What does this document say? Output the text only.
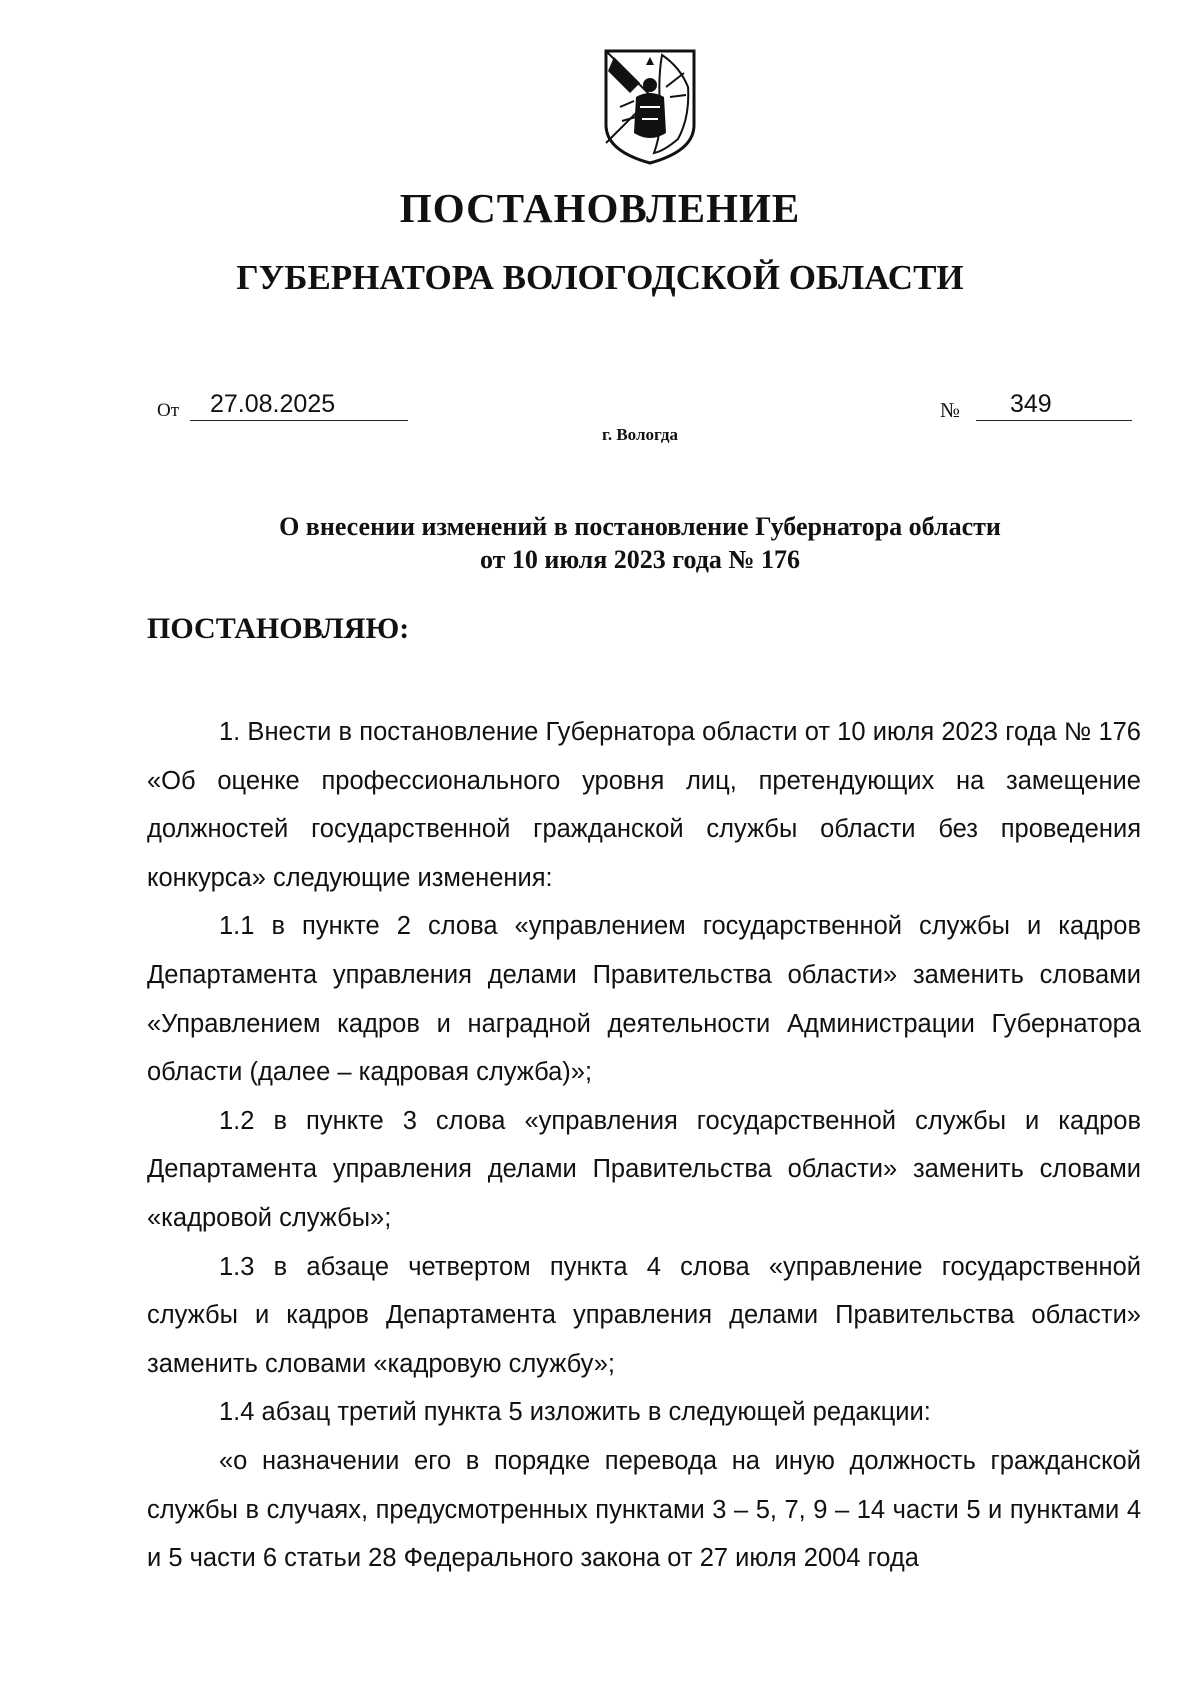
ПОСТАНОВЛЕНИЕ
ГУБЕРНАТОРА ВОЛОГОДСКОЙ ОБЛАСТИ
От	27.08.2025	№	349
г. Вологда
О внесении изменений в постановление Губернатора области
от 10 июля 2023 года № 176
ПОСТАНОВЛЯЮ:

1. Внести в постановление Губернатора области от 10 июля 2023 года № 176 «Об оценке профессионального уровня лиц, претендующих на замещение должностей государственной гражданской службы области без проведения конкурса» следующие изменения:

1.1 в пункте 2 слова «управлением государственной службы и кадров Департамента управления делами Правительства области» заменить словами «Управлением кадров и наградной деятельности Администрации Губернатора области (далее – кадровая служба)»;

1.2 в пункте 3 слова «управления государственной службы и кадров Департамента управления делами Правительства области» заменить словами «кадровой службы»;

1.3 в абзаце четвертом пункта 4 слова «управление государственной службы и кадров Департамента управления делами Правительства области» заменить словами «кадровую службу»;

1.4 абзац третий пункта 5 изложить в следующей редакции:

«о назначении его в порядке перевода на иную должность гражданской службы в случаях, предусмотренных пунктами 3 – 5, 7, 9 – 14 части 5 и пунктами 4 и 5 части 6 статьи 28 Федерального закона от 27 июля 2004 года
